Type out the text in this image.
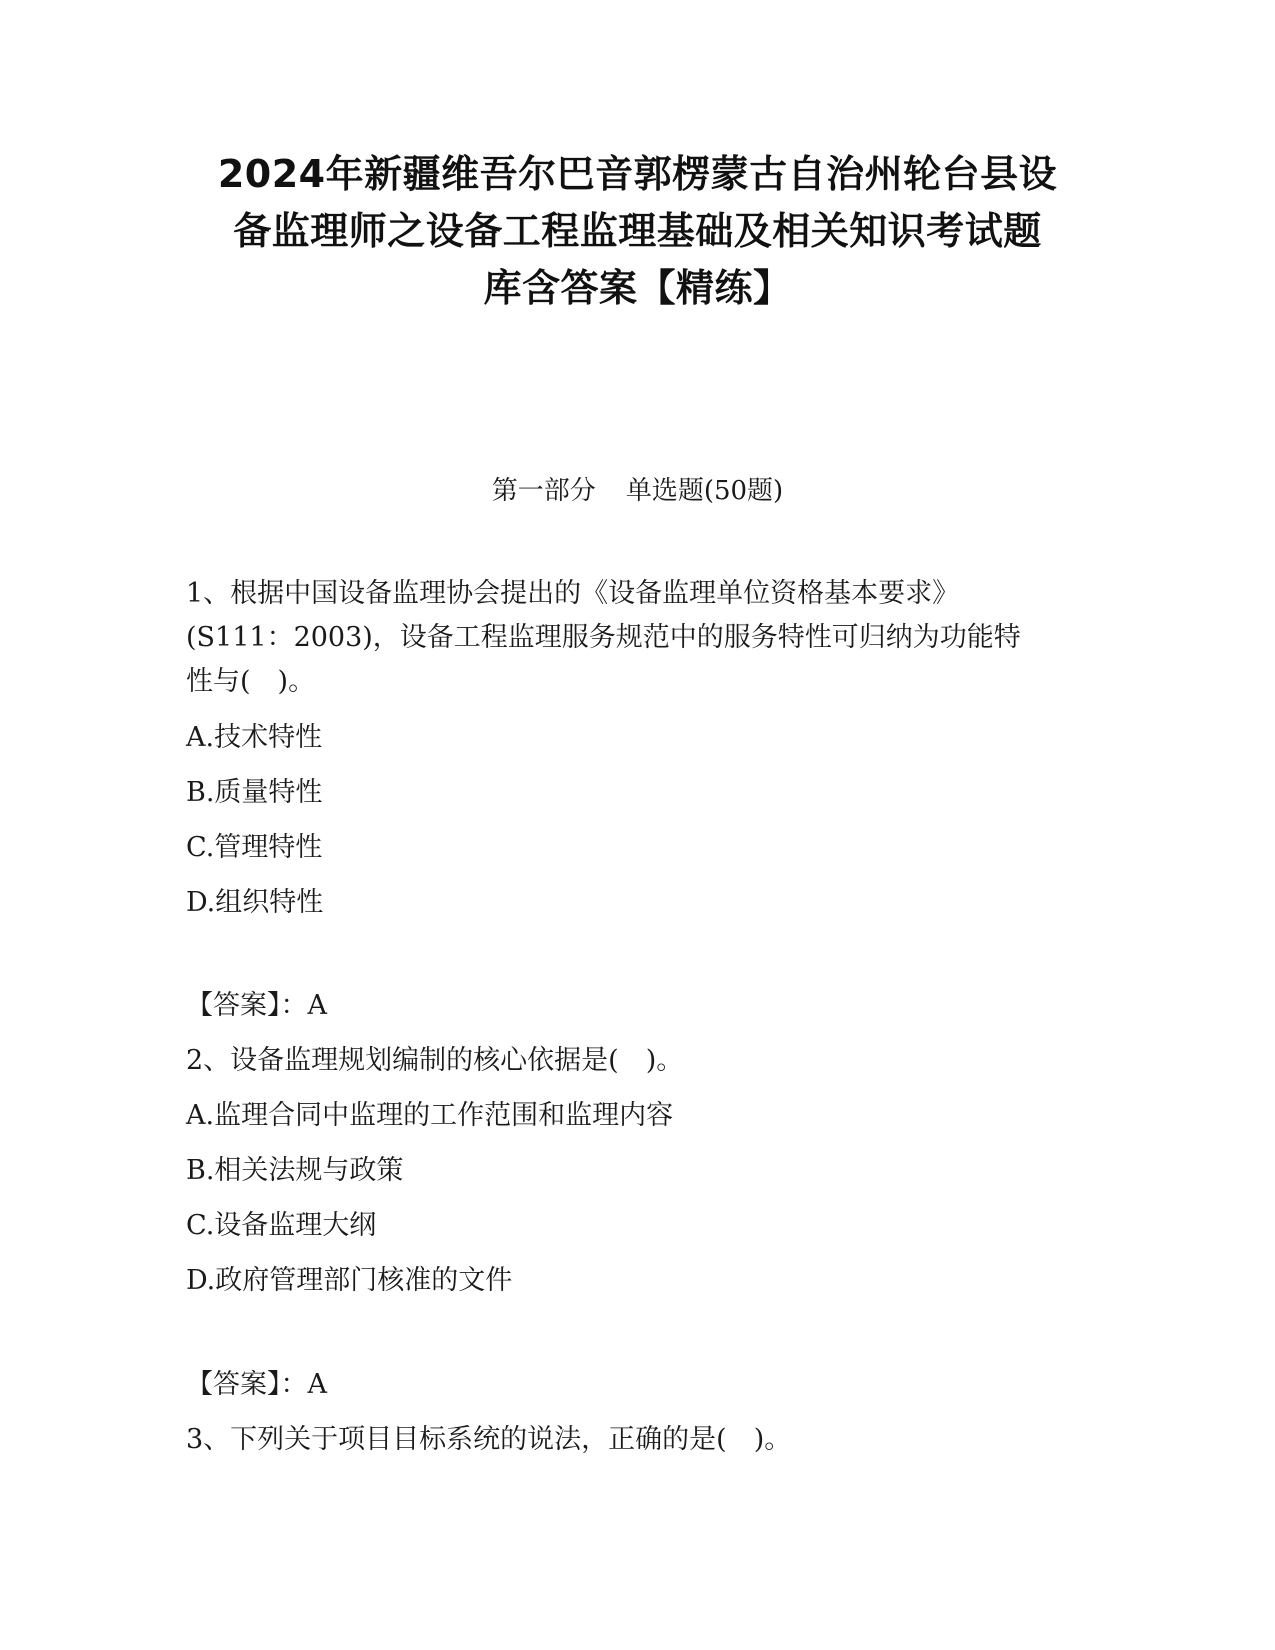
2024年新疆维吾尔巴音郭楞蒙古自治州轮台县设
备监理师之设备工程监理基础及相关知识考试题
库含答案【精练】
第一部分 单选题(50题)

1、根据中国设备监理协会提出的《设备监理单位资格基本要求》

(S111：2003)，设备工程监理服务规范中的服务特性可归纳为功能特

性与(　)。

A.技术特性

B.质量特性

C.管理特性

D.组织特性

【答案】：A

2、设备监理规划编制的核心依据是(　)。

A.监理合同中监理的工作范围和监理内容

B.相关法规与政策

C.设备监理大纲

D.政府管理部门核准的文件

【答案】：A

3、下列关于项目目标系统的说法，正确的是(　)。
